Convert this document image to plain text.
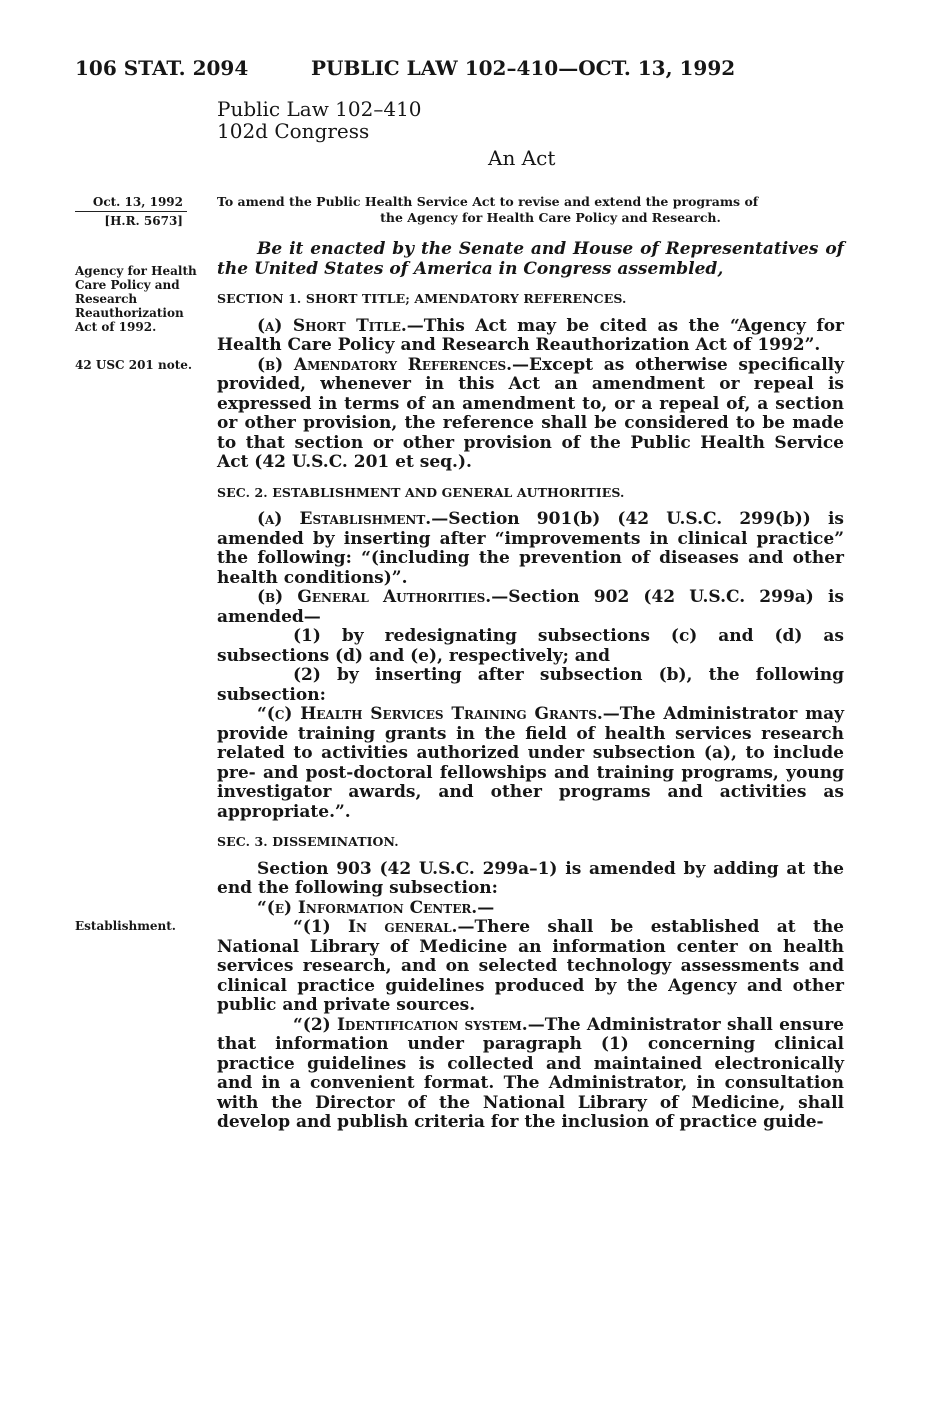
106 STAT. 2094	PUBLIC LAW 102–410—OCT. 13, 1992
Public Law 102–410
102d Congress
An Act
Oct. 13, 1992
[H.R. 5673]
Agency for Health Care Policy and Research Reauthorization Act of 1992.
42 USC 201 note.
Establishment.
To amend the Public Health Service Act to revise and extend the programs of
the Agency for Health Care Policy and Research.

Be it enacted by the Senate and House of Representatives of the United States of America in Congress assembled,

SECTION 1. SHORT TITLE; AMENDATORY REFERENCES.

(a) Short Title.—This Act may be cited as the “Agency for Health Care Policy and Research Reauthorization Act of 1992”.

(b) Amendatory References.—Except as otherwise specifically provided, whenever in this Act an amendment or repeal is expressed in terms of an amendment to, or a repeal of, a section or other provision, the reference shall be considered to be made to that section or other provision of the Public Health Service Act (42 U.S.C. 201 et seq.).

SEC. 2. ESTABLISHMENT AND GENERAL AUTHORITIES.

(a) Establishment.—Section 901(b) (42 U.S.C. 299(b)) is amended by inserting after “improvements in clinical practice” the following: “(including the prevention of diseases and other health conditions)”.

(b) General Authorities.—Section 902 (42 U.S.C. 299a) is amended—

(1) by redesignating subsections (c) and (d) as subsections (d) and (e), respectively; and

(2) by inserting after subsection (b), the following subsection:

“(c) Health Services Training Grants.—The Administrator may provide training grants in the field of health services research related to activities authorized under subsection (a), to include pre- and post-doctoral fellowships and training programs, young investigator awards, and other programs and activities as appropriate.”.

SEC. 3. DISSEMINATION.

Section 903 (42 U.S.C. 299a–1) is amended by adding at the end the following subsection:

“(e) Information Center.—

“(1) In general.—There shall be established at the National Library of Medicine an information center on health services research, and on selected technology assessments and clinical practice guidelines produced by the Agency and other public and private sources.

“(2) Identification system.—The Administrator shall ensure that information under paragraph (1) concerning clinical practice guidelines is collected and maintained electronically and in a convenient format. The Administrator, in consultation with the Director of the National Library of Medicine, shall develop and publish criteria for the inclusion of practice guide-
